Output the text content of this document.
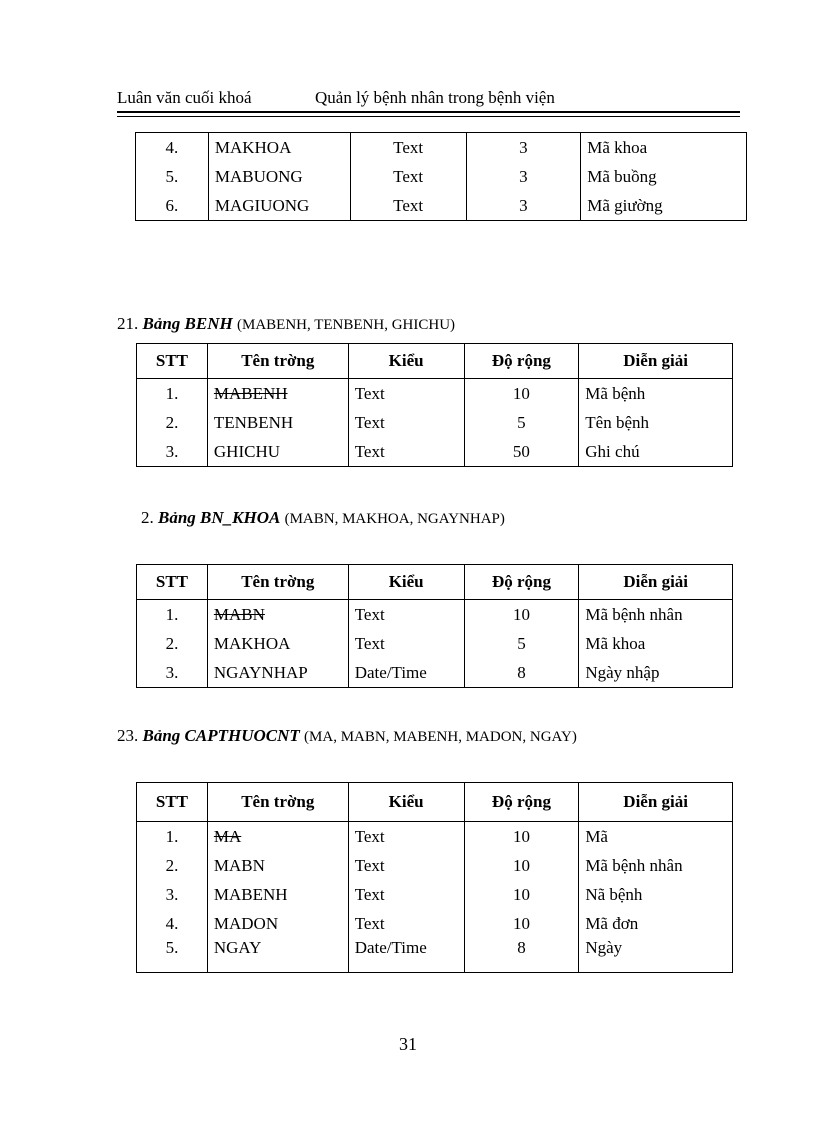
Luân văn cuối khoá	Quản lý bệnh nhân trong bệnh viện
4.	MAKHOA	Text	3	Mã khoa
5.	MABUONG	Text	3	Mã buồng
6.	MAGIUONG	Text	3	Mã giường
21. Bảng BENH (MABENH, TENBENH, GHICHU)
STT	Tên trờng	Kiểu	Độ rộng	Diễn giải
1.	MABENH	Text	10	Mã bệnh
2.	TENBENH	Text	5	Tên bệnh
3.	GHICHU	Text	50	Ghi chú
2. Bảng BN_KHOA (MABN, MAKHOA, NGAYNHAP)
STT	Tên trờng	Kiểu	Độ rộng	Diễn giải
1.	MABN	Text	10	Mã bệnh nhân
2.	MAKHOA	Text	5	Mã khoa
3.	NGAYNHAP	Date/Time	8	Ngày nhập
23. Bảng CAPTHUOCNT (MA, MABN, MABENH, MADON, NGAY)
STT	Tên trờng	Kiểu	Độ rộng	Diễn giải
1.	MA	Text	10	Mã
2.	MABN	Text	10	Mã bệnh nhân
3.	MABENH	Text	10	Nã bệnh
4.	MADON	Text	10	Mã đơn
5.	NGAY	Date/Time	8	Ngày
31
